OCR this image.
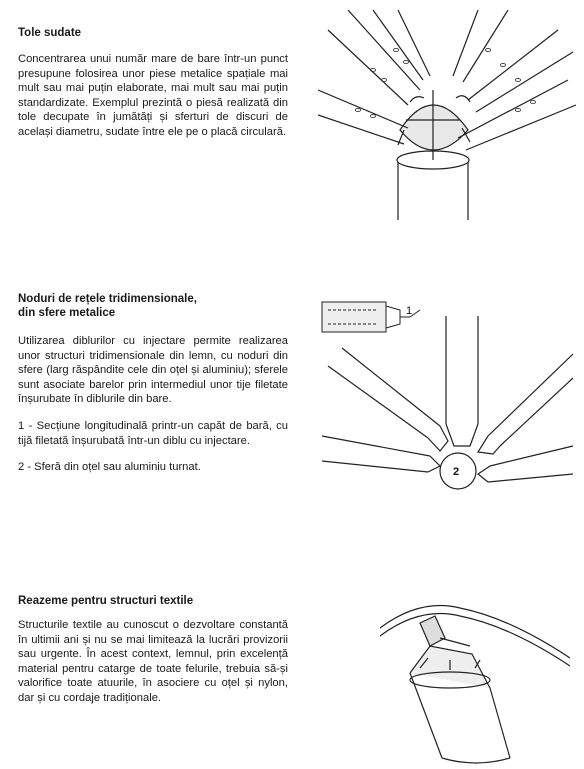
Tole sudate
Concentrarea unui număr mare de bare într-un punct presupune folosirea unor piese metalice spațiale mai mult sau mai puțin elaborate, mai mult sau mai puțin standardizate. Exemplul prezintă o piesă realizată din tole decupate în jumătăți și sferturi de discuri de același diametru, sudate între ele pe o placă circulară.
Noduri de rețele tridimensionale,
din sfere metalice
Utilizarea diblurilor cu injectare permite realizarea unor structuri tridimensionale din lemn, cu noduri din sfere (larg răspândite cele din oțel și aluminiu); sferele sunt asociate barelor prin intermediul unor tije filetate înșurubate în diblurile din bare.
1 - Secțiune longitudinală printr-un capăt de bară, cu tijă filetată înșurubată într-un diblu cu injectare.
2 - Sferă din oțel sau aluminiu turnat.
1
2
Reazeme pentru structuri textile
Structurile textile au cunoscut o dezvoltare constantă în ultimii ani și nu se mai limitează la lucrări provizorii sau urgente. În acest context, lemnul, prin excelență material pentru catarge de toate felurile, trebuia să-și valorifice toate atuurile, în asociere cu oțel și nylon, dar și cu cordaje tradiționale.
